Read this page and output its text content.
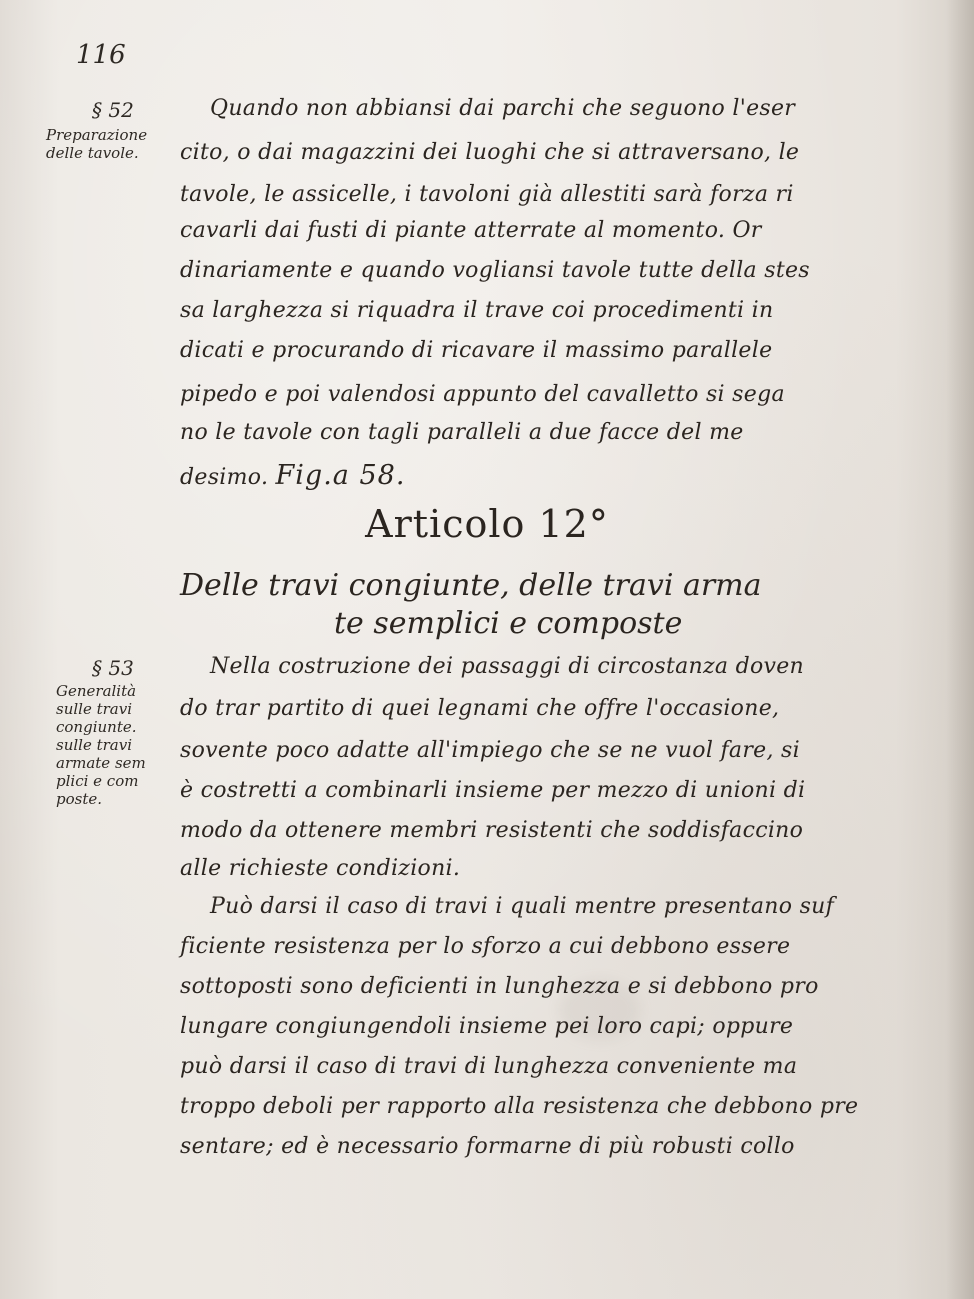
116
§ 52
Preparazione
delle tavole.
Quando non abbiansi dai parchi che seguono l'eser
cito, o dai magazzini dei luoghi che si attraversano, le
tavole, le assicelle, i tavoloni già allestiti sarà forza ri
cavarli dai fusti di piante atterrate al momento. Or
dinariamente e quando vogliansi tavole tutte della stes
sa larghezza si riquadra il trave coi procedimenti in
dicati e procurando di ricavare il massimo parallele
pipedo e poi valendosi appunto del cavalletto si sega
no le tavole con tagli paralleli a due facce del me
desimo. Fig.a 58.
Articolo 12°
Delle travi congiunte, delle travi arma
te semplici e composte
§ 53
Generalità
sulle travi
congiunte.
sulle travi
armate sem
plici e com
poste.
Nella costruzione dei passaggi di circostanza doven
do trar partito di quei legnami che offre l'occasione,
sovente poco adatte all'impiego che se ne vuol fare, si
è costretti a combinarli insieme per mezzo di unioni di
modo da ottenere membri resistenti che soddisfaccino
alle richieste condizioni.
Può darsi il caso di travi i quali mentre presentano suf
ficiente resistenza per lo sforzo a cui debbono essere
sottoposti sono deficienti in lunghezza e si debbono pro
lungare congiungendoli insieme pei loro capi; oppure
può darsi il caso di travi di lunghezza conveniente ma
troppo deboli per rapporto alla resistenza che debbono pre
sentare; ed è necessario formarne di più robusti collo
